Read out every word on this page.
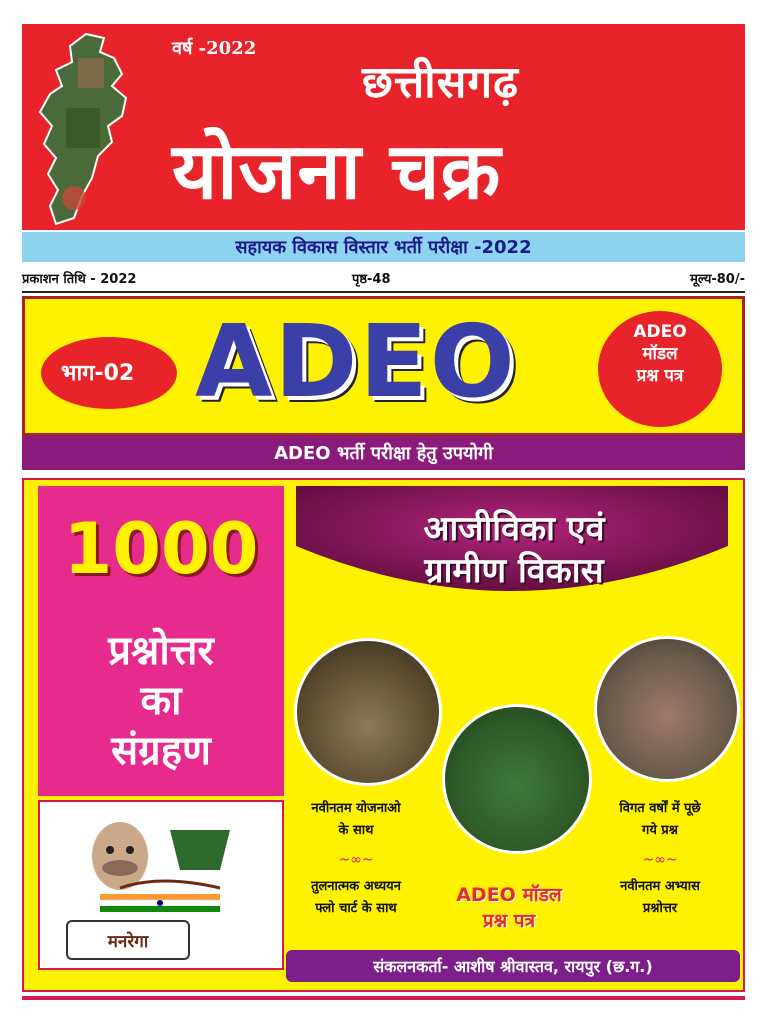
वर्ष -2022
छत्तीसगढ़
योजना चक्र
सहायक विकास विस्तार भर्ती परीक्षा -2022
प्रकाशन तिथि - 2022	पृष्ठ-48	मूल्य-80/-
भाग-02 ADEO	ADEO
मॉडल
प्रश्न पत्र
ADEO भर्ती परीक्षा हेतु उपयोगी
1000
प्रश्नोत्तर
का
संग्रहण
मनरेगा
आजीविका एवं
ग्रामीण विकास
नवीनतम योजनाओ
के साथ
~∞~
तुलनात्मक अध्ययन
फ्लो चार्ट के साथ
विगत वर्षों में पूछे
गये प्रश्न
~∞~
नवीनतम अभ्यास
प्रश्नोत्तर
ADEO मॉडल
प्रश्न पत्र
संकलनकर्ता- आशीष श्रीवास्तव, रायपुर (छ.ग.)
